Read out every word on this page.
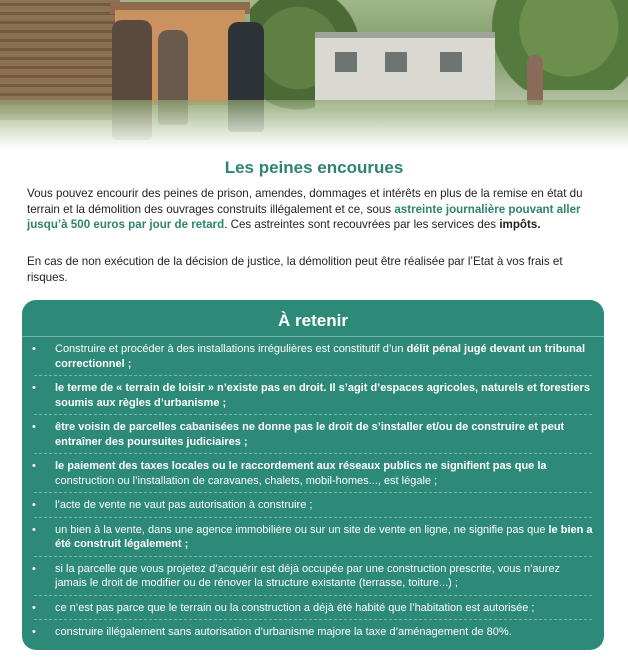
Les peines encourues
Vous pouvez encourir des peines de prison, amendes, dommages et intérêts en plus de la remise en état du terrain et la démolition des ouvrages construits illégalement et ce, sous astreinte journalière pouvant aller jusqu’à 500 euros par jour de retard. Ces astreintes sont recouvrées par les services des impôts.
En cas de non exécution de la décision de justice, la démolition peut être réalisée par l’Etat à vos frais et risques.
À retenir
• Construire et procéder à des installations irrégulières est constitutif d’un délit pénal jugé devant un tribunal correctionnel ;
• le terme de « terrain de loisir » n’existe pas en droit. Il s’agit d’espaces agricoles, naturels et forestiers soumis aux règles d’urbanisme ;
• être voisin de parcelles cabanisées ne donne pas le droit de s’installer et/ou de construire et peut entraîner des poursuites judiciaires ;
• le paiement des taxes locales ou le raccordement aux réseaux publics ne signifient pas que la construction ou l’installation de caravanes, chalets, mobil-homes..., est légale ;
• l’acte de vente ne vaut pas autorisation à construire ;
• un bien à la vente, dans une agence immobilière ou sur un site de vente en ligne, ne signifie pas que le bien a été construit légalement ;
• si la parcelle que vous projetez d’acquérir est déjà occupée par une construction prescrite, vous n’aurez jamais le droit de modifier ou de rénover la structure existante (terrasse, toiture...) ;
• ce n’est pas parce que le terrain ou la construction a déjà été habité que l’habitation est autorisée ;
• construire illégalement sans autorisation d’urbanisme majore la taxe d’aménagement de 80%.
